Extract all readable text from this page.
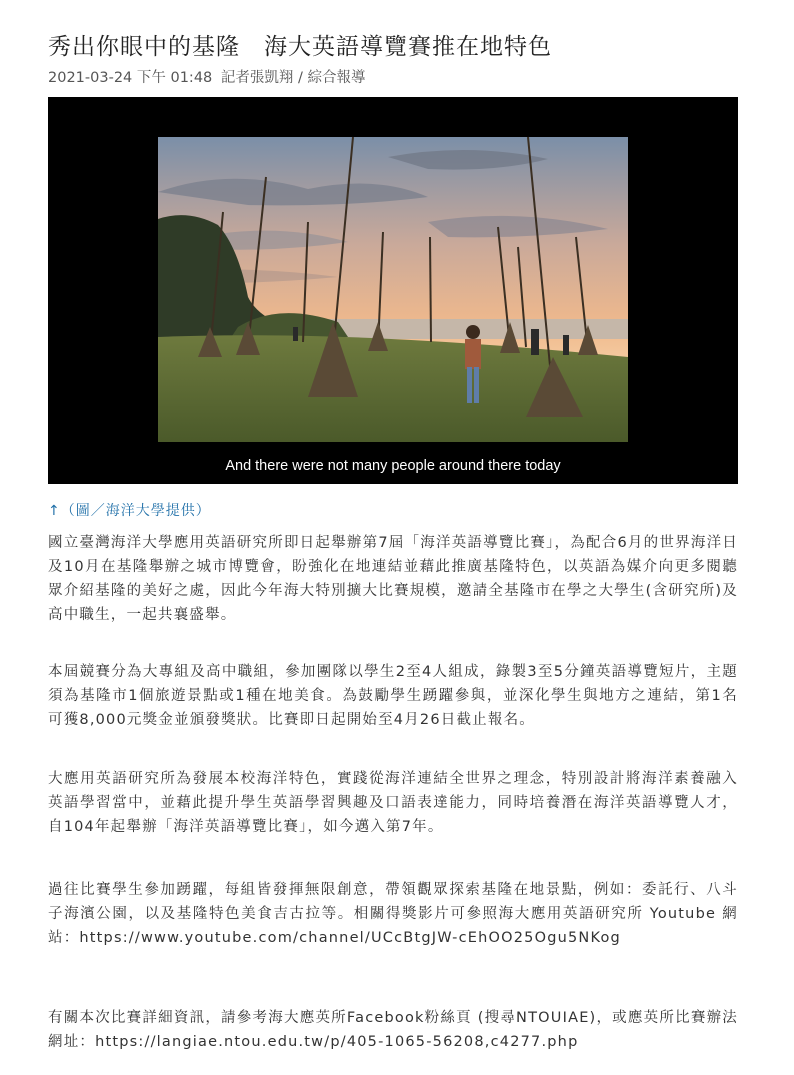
秀出你眼中的基隆　海大英語導覽賽推在地特色
2021-03-24 下午 01:48 記者張凱翔 / 綜合報導
And there were not many people around there today
↑（圖／海洋大學提供）

國立臺灣海洋大學應用英語研究所即日起舉辦第7屆「海洋英語導覽比賽」，為配合6月的世界海洋日及10月在基隆舉辦之城市博覽會，盼強化在地連結並藉此推廣基隆特色，以英語為媒介向更多閱聽眾介紹基隆的美好之處，因此今年海大特別擴大比賽規模，邀請全基隆市在學之大學生(含研究所)及高中職生，一起共襄盛舉。

本屆競賽分為大專組及高中職組，參加團隊以學生2至4人組成，錄製3至5分鐘英語導覽短片，主題須為基隆市1個旅遊景點或1種在地美食。為鼓勵學生踴躍參與，並深化學生與地方之連結，第1名可獲8,000元獎金並頒發獎狀。比賽即日起開始至4月26日截止報名。

大應用英語研究所為發展本校海洋特色，實踐從海洋連結全世界之理念，特別設計將海洋素養融入英語學習當中，並藉此提升學生英語學習興趣及口語表達能力，同時培養潛在海洋英語導覽人才，自104年起舉辦「海洋英語導覽比賽」，如今邁入第7年。

過往比賽學生參加踴躍，每組皆發揮無限創意，帶領觀眾探索基隆在地景點，例如：委託行、八斗子海濱公園，以及基隆特色美食吉古拉等。相關得獎影片可參照海大應用英語研究所 Youtube 網站：https://www.youtube.com/channel/UCcBtgJW-cEhOO25Ogu5NKog

有關本次比賽詳細資訊，請參考海大應英所Facebook粉絲頁 (搜尋NTOUIAE)，或應英所比賽辦法網址：https://langiae.ntou.edu.tw/p/405-1065-56208,c4277.php
